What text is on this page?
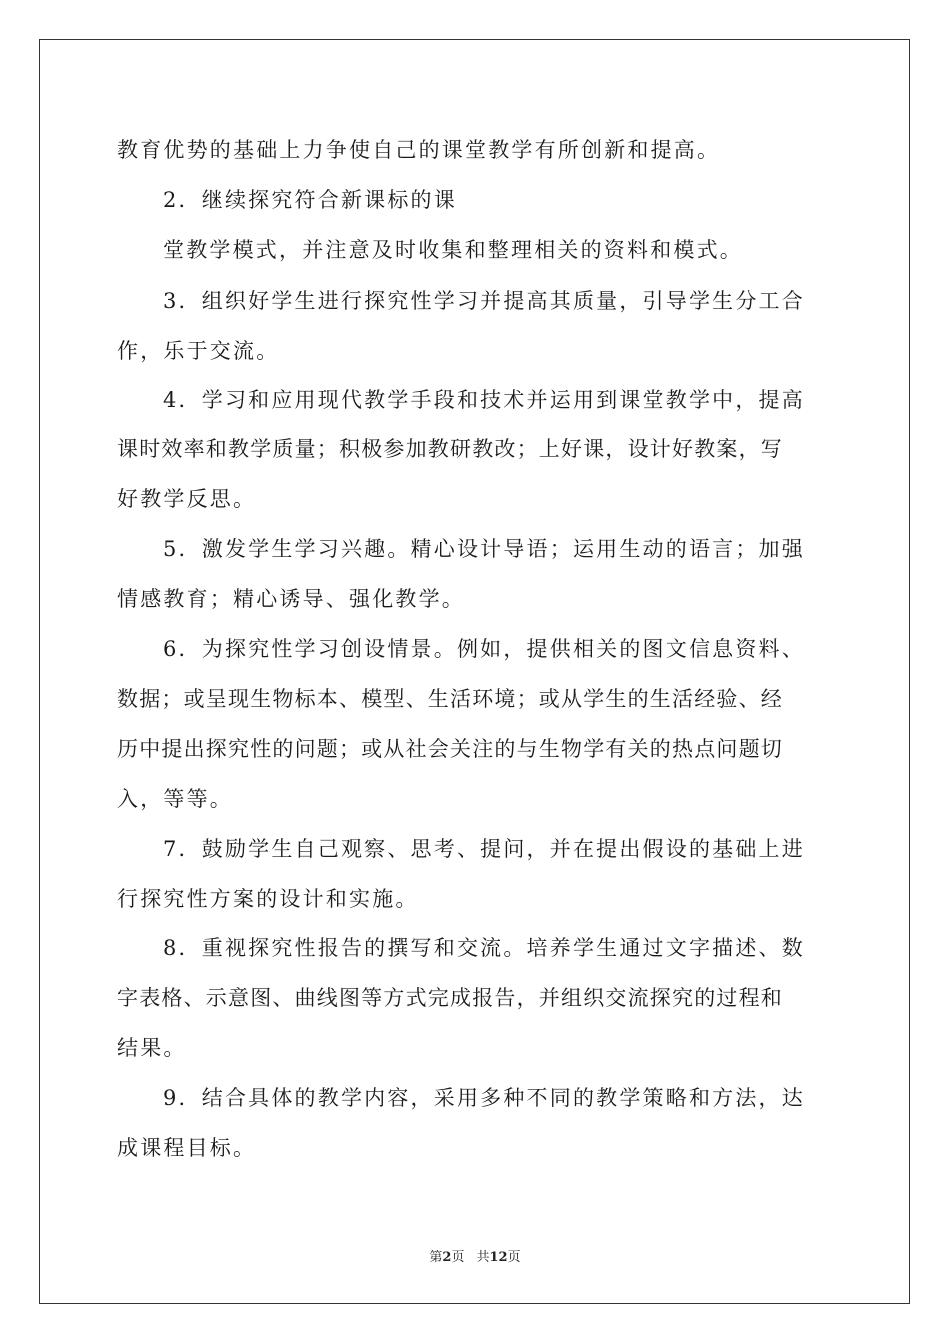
教育优势的基础上力争使自己的课堂教学有所创新和提高。
2．继续探究符合新课标的课
堂教学模式，并注意及时收集和整理相关的资料和模式。
3．组织好学生进行探究性学习并提高其质量，引导学生分工合
作，乐于交流。
4．学习和应用现代教学手段和技术并运用到课堂教学中，提高
课时效率和教学质量；积极参加教研教改；上好课，设计好教案，写
好教学反思。
5．激发学生学习兴趣。精心设计导语；运用生动的语言；加强
情感教育；精心诱导、强化教学。
6．为探究性学习创设情景。例如，提供相关的图文信息资料、
数据；或呈现生物标本、模型、生活环境；或从学生的生活经验、经
历中提出探究性的问题；或从社会关注的与生物学有关的热点问题切
入，等等。
7．鼓励学生自己观察、思考、提问，并在提出假设的基础上进
行探究性方案的设计和实施。
8．重视探究性报告的撰写和交流。培养学生通过文字描述、数
字表格、示意图、曲线图等方式完成报告，并组织交流探究的过程和
结果。
9．结合具体的教学内容，采用多种不同的教学策略和方法，达
成课程目标。
第2页 共12页
